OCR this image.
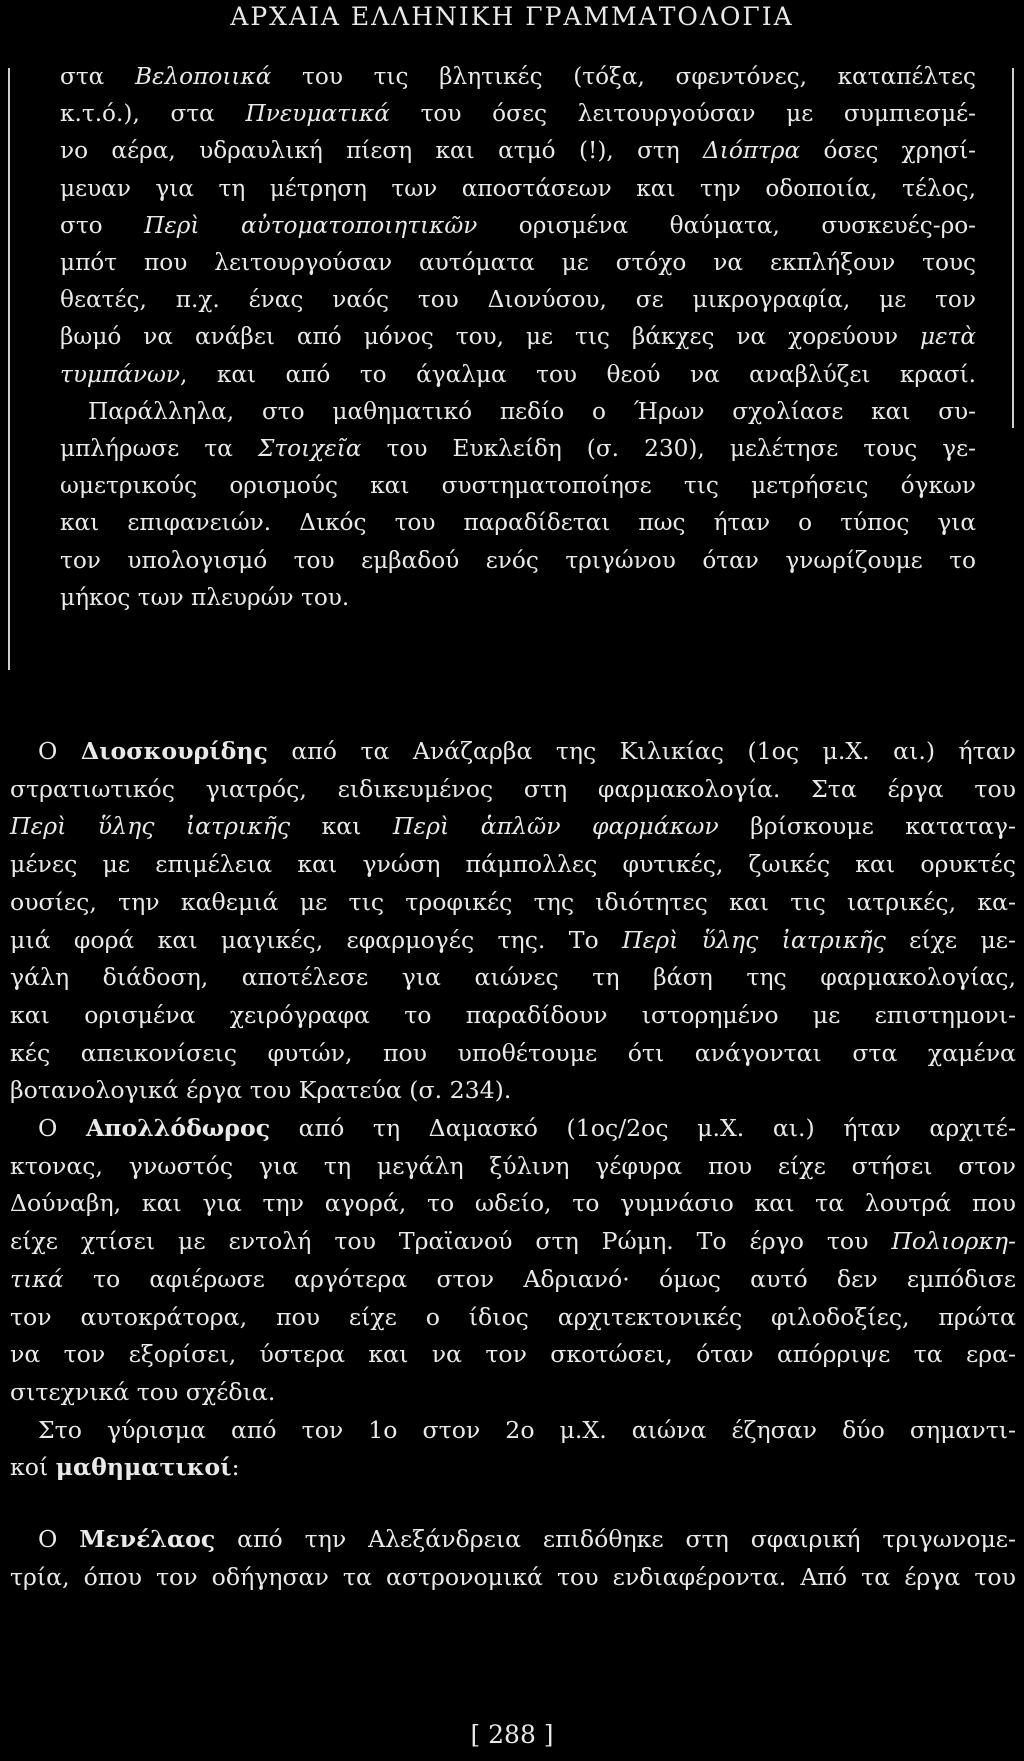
ΑΡΧΑΙΑ ΕΛΛΗΝΙΚΗ ΓΡΑΜΜΑΤΟΛΟΓΙΑ
στα Βελοποιικά του τις βλητικές (τόξα, σφεντόνες, καταπέλτες
κ.τ.ό.), στα Πνευματικά του όσες λειτουργούσαν με συμπιεσμέ-
νο αέρα, υδραυλική πίεση και ατμό (!), στη Διόπτρα όσες χρησί-
μευαν για τη μέτρηση των αποστάσεων και την οδοποιία, τέλος,
στο Περὶ αὐτοματοποιητικῶν ορισμένα θαύματα, συσκευές-ρο-
μπότ που λειτουργούσαν αυτόματα με στόχο να εκπλήξουν τους
θεατές, π.χ. ένας ναός του Διονύσου, σε μικρογραφία, με τον
βωμό να ανάβει από μόνος του, με τις βάκχες να χορεύουν μετὰ
τυμπάνων, και από το άγαλμα του θεού να αναβλύζει κρασί.
Παράλληλα, στο μαθηματικό πεδίο ο Ήρων σχολίασε και συ-
μπλήρωσε τα Στοιχεῖα του Ευκλείδη (σ. 230), μελέτησε τους γε-
ωμετρικούς ορισμούς και συστηματοποίησε τις μετρήσεις όγκων
και επιφανειών. Δικός του παραδίδεται πως ήταν ο τύπος για
τον υπολογισμό του εμβαδού ενός τριγώνου όταν γνωρίζουμε το
μήκος των πλευρών του.
Ο Διοσκουρίδης από τα Ανάζαρβα της Κιλικίας (1ος μ.Χ. αι.) ήταν
στρατιωτικός γιατρός, ειδικευμένος στη φαρμακολογία. Στα έργα του
Περὶ ὕλης ἰατρικῆς και Περὶ ἁπλῶν φαρμάκων βρίσκουμε καταταγ-
μένες με επιμέλεια και γνώση πάμπολλες φυτικές, ζωικές και ορυκτές
ουσίες, την καθεμιά με τις τροφικές της ιδιότητες και τις ιατρικές, κα-
μιά φορά και μαγικές, εφαρμογές της. Το Περὶ ὕλης ἰατρικῆς είχε με-
γάλη διάδοση, αποτέλεσε για αιώνες τη βάση της φαρμακολογίας,
και ορισμένα χειρόγραφα το παραδίδουν ιστορημένο με επιστημονι-
κές απεικονίσεις φυτών, που υποθέτουμε ότι ανάγονται στα χαμένα
βοτανολογικά έργα του Κρατεύα (σ. 234).
Ο Απολλόδωρος από τη Δαμασκό (1ος/2ος μ.Χ. αι.) ήταν αρχιτέ-
κτονας, γνωστός για τη μεγάλη ξύλινη γέφυρα που είχε στήσει στον
Δούναβη, και για την αγορά, το ωδείο, το γυμνάσιο και τα λουτρά που
είχε χτίσει με εντολή του Τραϊανού στη Ρώμη. Το έργο του Πολιορκη-
τικά το αφιέρωσε αργότερα στον Αδριανό· όμως αυτό δεν εμπόδισε
τον αυτοκράτορα, που είχε ο ίδιος αρχιτεκτονικές φιλοδοξίες, πρώτα
να τον εξορίσει, ύστερα και να τον σκοτώσει, όταν απόρριψε τα ερα-
σιτεχνικά του σχέδια.
Στο γύρισμα από τον 1ο στον 2ο μ.Χ. αιώνα έζησαν δύο σημαντι-
κοί μαθηματικοί:
Ο Μενέλαος από την Αλεξάνδρεια επιδόθηκε στη σφαιρική τριγωνομε-
τρία, όπου τον οδήγησαν τα αστρονομικά του ενδιαφέροντα. Από τα έργα του
[ 288 ]
